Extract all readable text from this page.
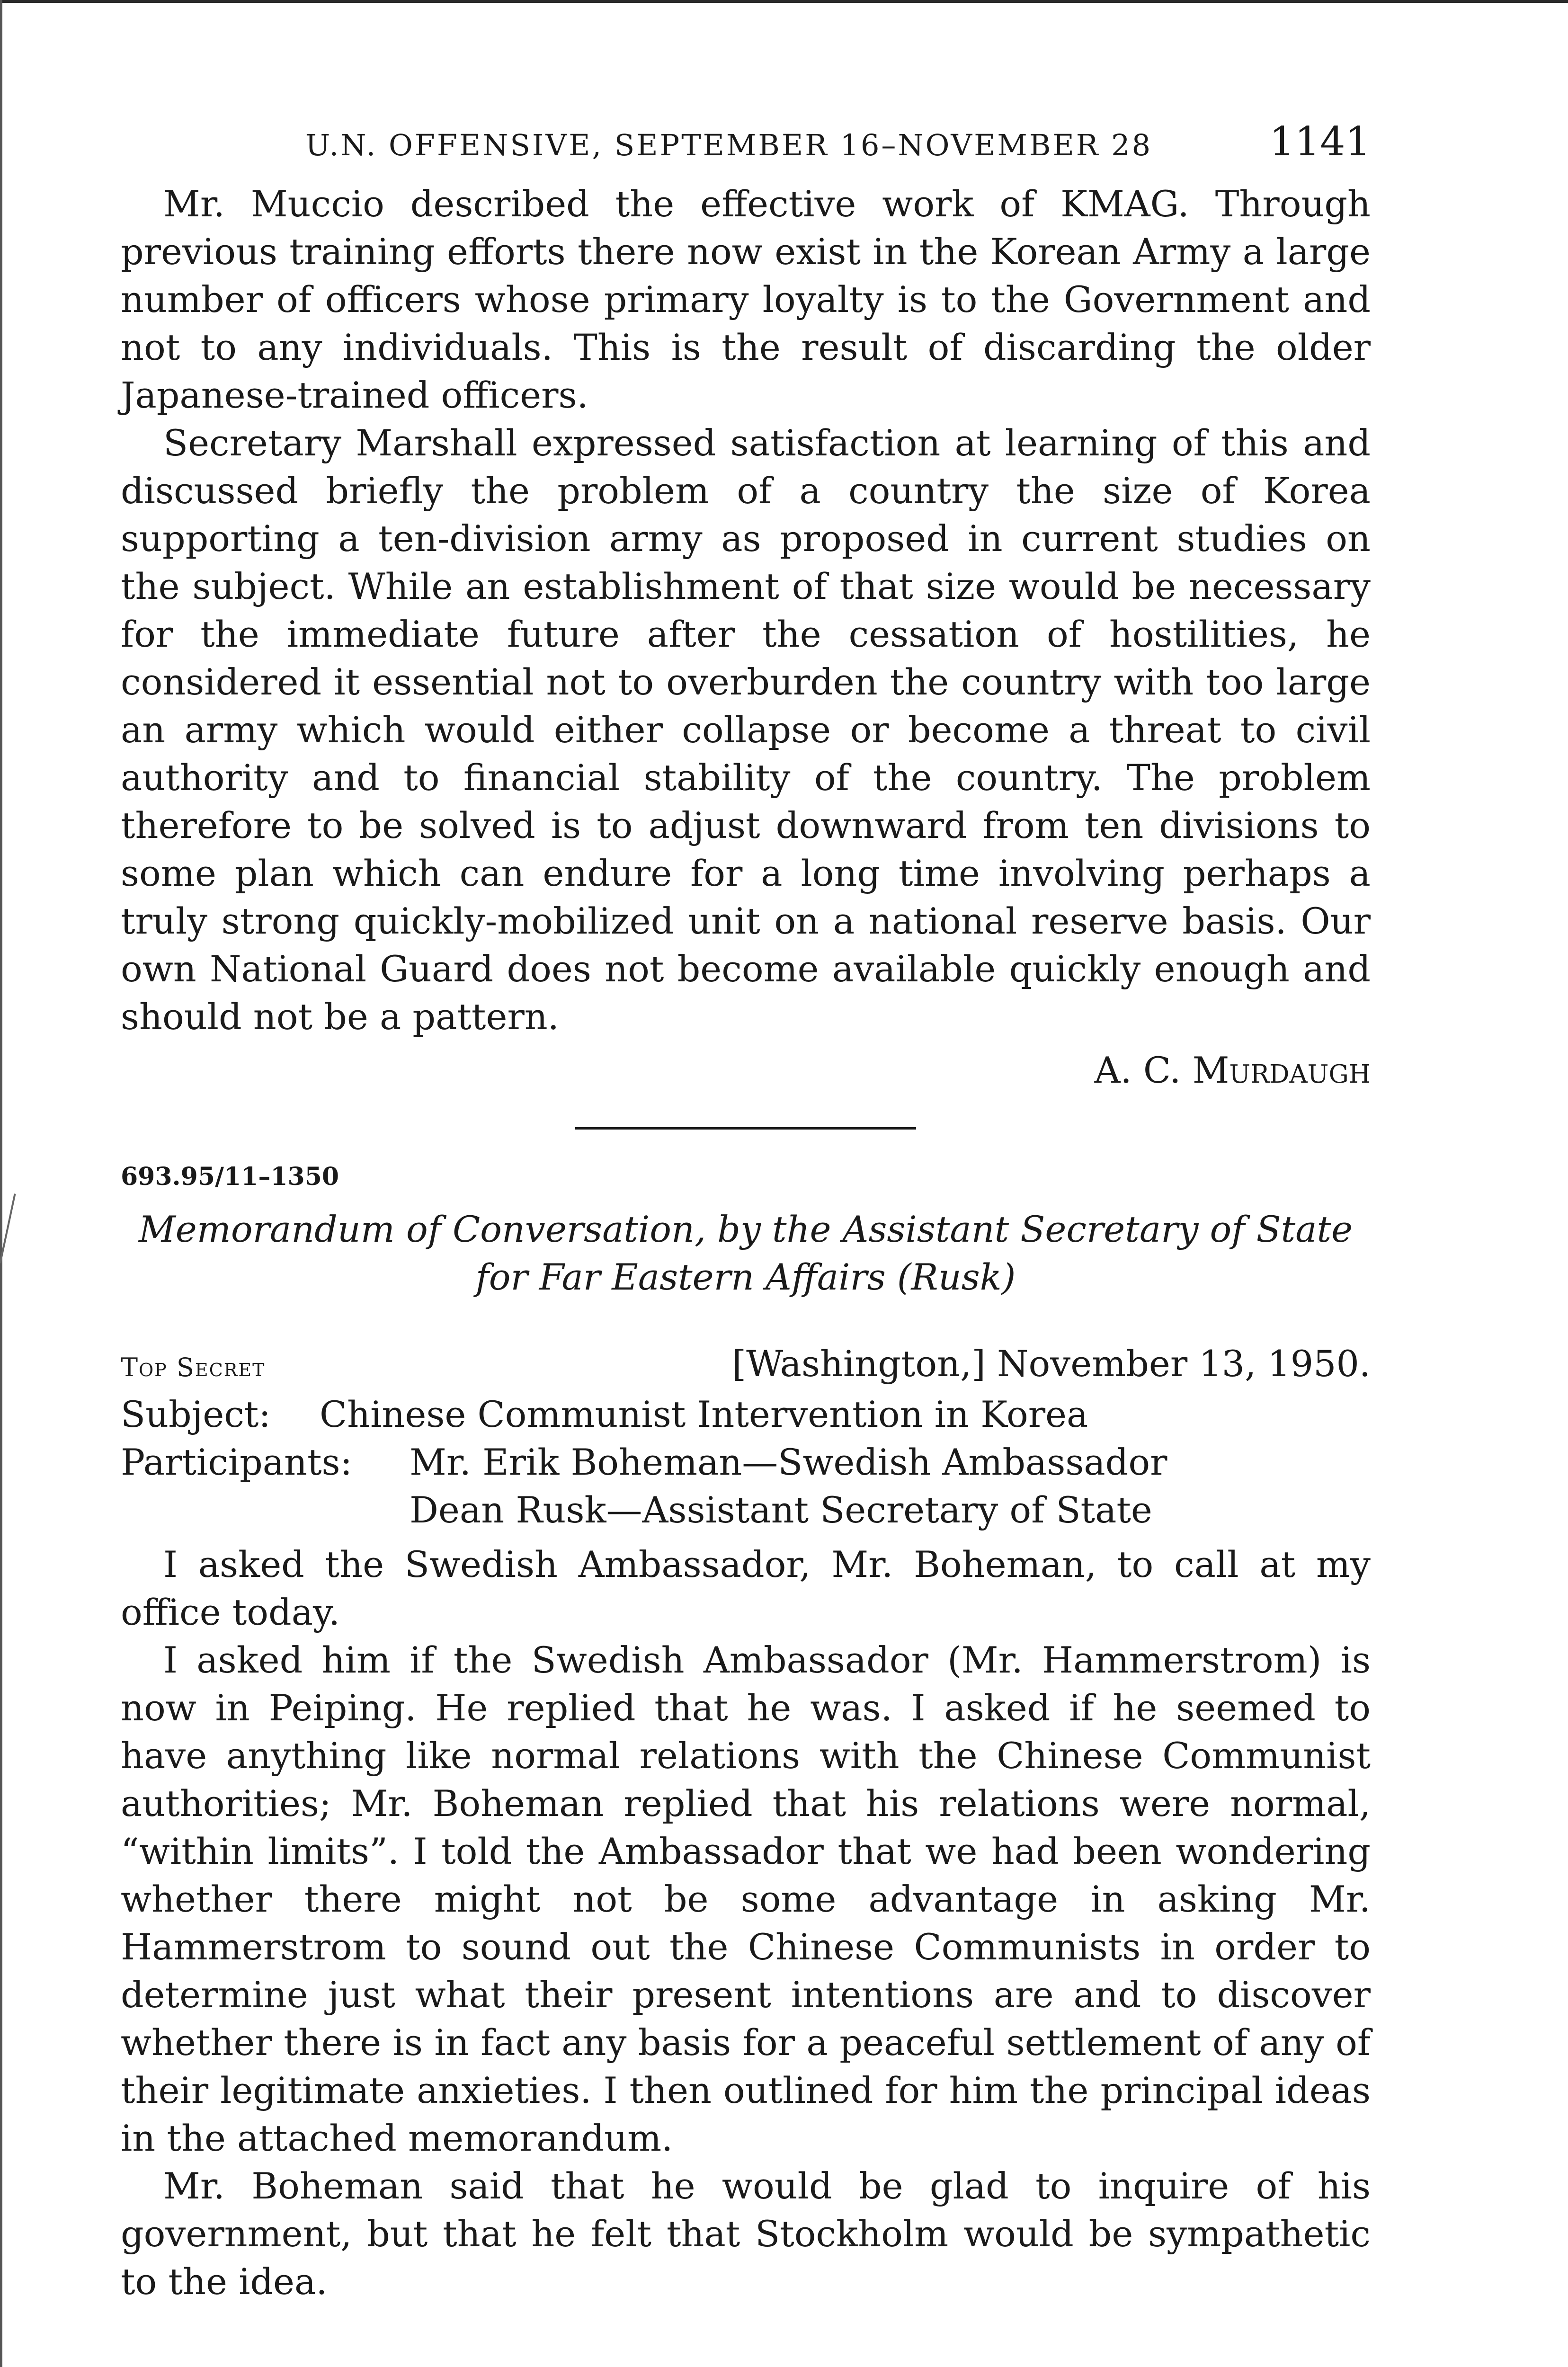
U.N. OFFENSIVE, SEPTEMBER 16–NOVEMBER 28	1141

Mr. Muccio described the effective work of KMAG. Through previous training efforts there now exist in the Korean Army a large number of officers whose primary loyalty is to the Government and not to any individuals. This is the result of discarding the older Japanese-trained officers.

Secretary Marshall expressed satisfaction at learning of this and discussed briefly the problem of a country the size of Korea supporting a ten-division army as proposed in current studies on the subject. While an establishment of that size would be necessary for the immediate future after the cessation of hostilities, he considered it essential not to overburden the country with too large an army which would either collapse or become a threat to civil authority and to financial stability of the country. The problem therefore to be solved is to adjust downward from ten divisions to some plan which can endure for a long time involving perhaps a truly strong quickly-mobilized unit on a national reserve basis. Our own National Guard does not become available quickly enough and should not be a pattern.

A. C. Murdaugh
693.95/11–1350
Memorandum of Conversation, by the Assistant Secretary of State
for Far Eastern Affairs (Rusk)
Top Secret	[Washington,] November 13, 1950.
Subject:	Chinese Communist Intervention in Korea
Participants:	Mr. Erik Boheman—Swedish Ambassador
Dean Rusk—Assistant Secretary of State

I asked the Swedish Ambassador, Mr. Boheman, to call at my office today.

I asked him if the Swedish Ambassador (Mr. Hammerstrom) is now in Peiping. He replied that he was. I asked if he seemed to have anything like normal relations with the Chinese Communist authorities; Mr. Boheman replied that his relations were normal, “within limits”. I told the Ambassador that we had been wondering whether there might not be some advantage in asking Mr. Hammerstrom to sound out the Chinese Communists in order to determine just what their present intentions are and to discover whether there is in fact any basis for a peaceful settlement of any of their legitimate anxieties. I then outlined for him the principal ideas in the attached memorandum.

Mr. Boheman said that he would be glad to inquire of his government, but that he felt that Stockholm would be sympathetic to the idea.
